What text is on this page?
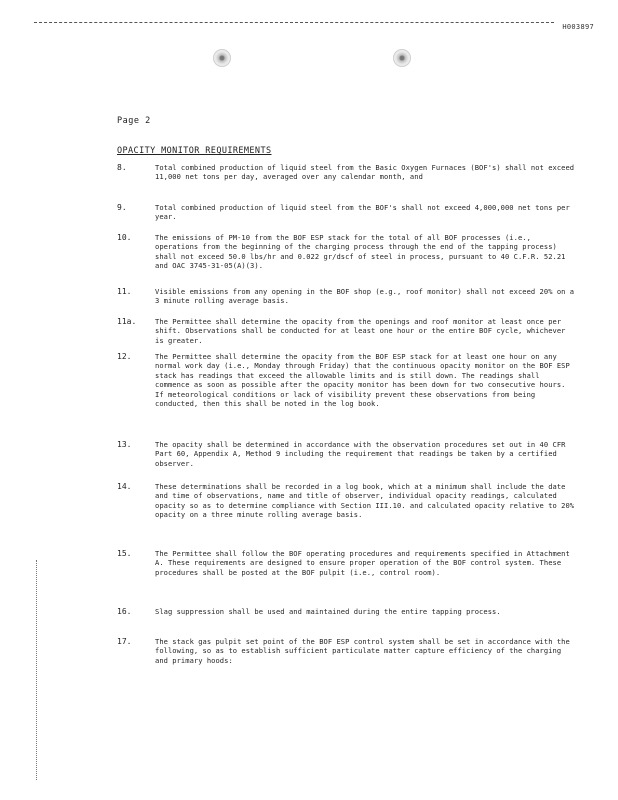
H003897
Page 2
OPACITY MONITOR REQUIREMENTS
8.	Total combined production of liquid steel from the Basic Oxygen Furnaces (BOF's) shall not exceed 11,000 net tons per day, averaged over any calendar month, and
9.	Total combined production of liquid steel from the BOF's shall not exceed 4,000,000 net tons per year.
10.	The emissions of PM-10 from the BOF ESP stack for the total of all BOF processes (i.e., operations from the beginning of the charging process through the end of the tapping process) shall not exceed 50.0 lbs/hr and 0.022 gr/dscf of steel in process, pursuant to 40 C.F.R. 52.21 and OAC 3745-31-05(A)(3).
11.	Visible emissions from any opening in the BOF shop (e.g., roof monitor) shall not exceed 20% on a 3 minute rolling average basis.
11a.	The Permittee shall determine the opacity from the openings and roof monitor at least once per shift. Observations shall be conducted for at least one hour or the entire BOF cycle, whichever is greater.
12.	The Permittee shall determine the opacity from the BOF ESP stack for at least one hour on any normal work day (i.e., Monday through Friday) that the continuous opacity monitor on the BOF ESP stack has readings that exceed the allowable limits and is still down. The readings shall commence as soon as possible after the opacity monitor has been down for two consecutive hours. If meteorological conditions or lack of visibility prevent these observations from being conducted, then this shall be noted in the log book.
13.	The opacity shall be determined in accordance with the observation procedures set out in 40 CFR Part 60, Appendix A, Method 9 including the requirement that readings be taken by a certified observer.
14.	These determinations shall be recorded in a log book, which at a minimum shall include the date and time of observations, name and title of observer, individual opacity readings, calculated opacity so as to determine compliance with Section III.10. and calculated opacity relative to 20% opacity on a three minute rolling average basis.
15.	The Permittee shall follow the BOF operating procedures and requirements specified in Attachment A. These requirements are designed to ensure proper operation of the BOF control system. These procedures shall be posted at the BOF pulpit (i.e., control room).
16.	Slag suppression shall be used and maintained during the entire tapping process.
17.	The stack gas pulpit set point of the BOF ESP control system shall be set in accordance with the following, so as to establish sufficient particulate matter capture efficiency of the charging and primary hoods:
